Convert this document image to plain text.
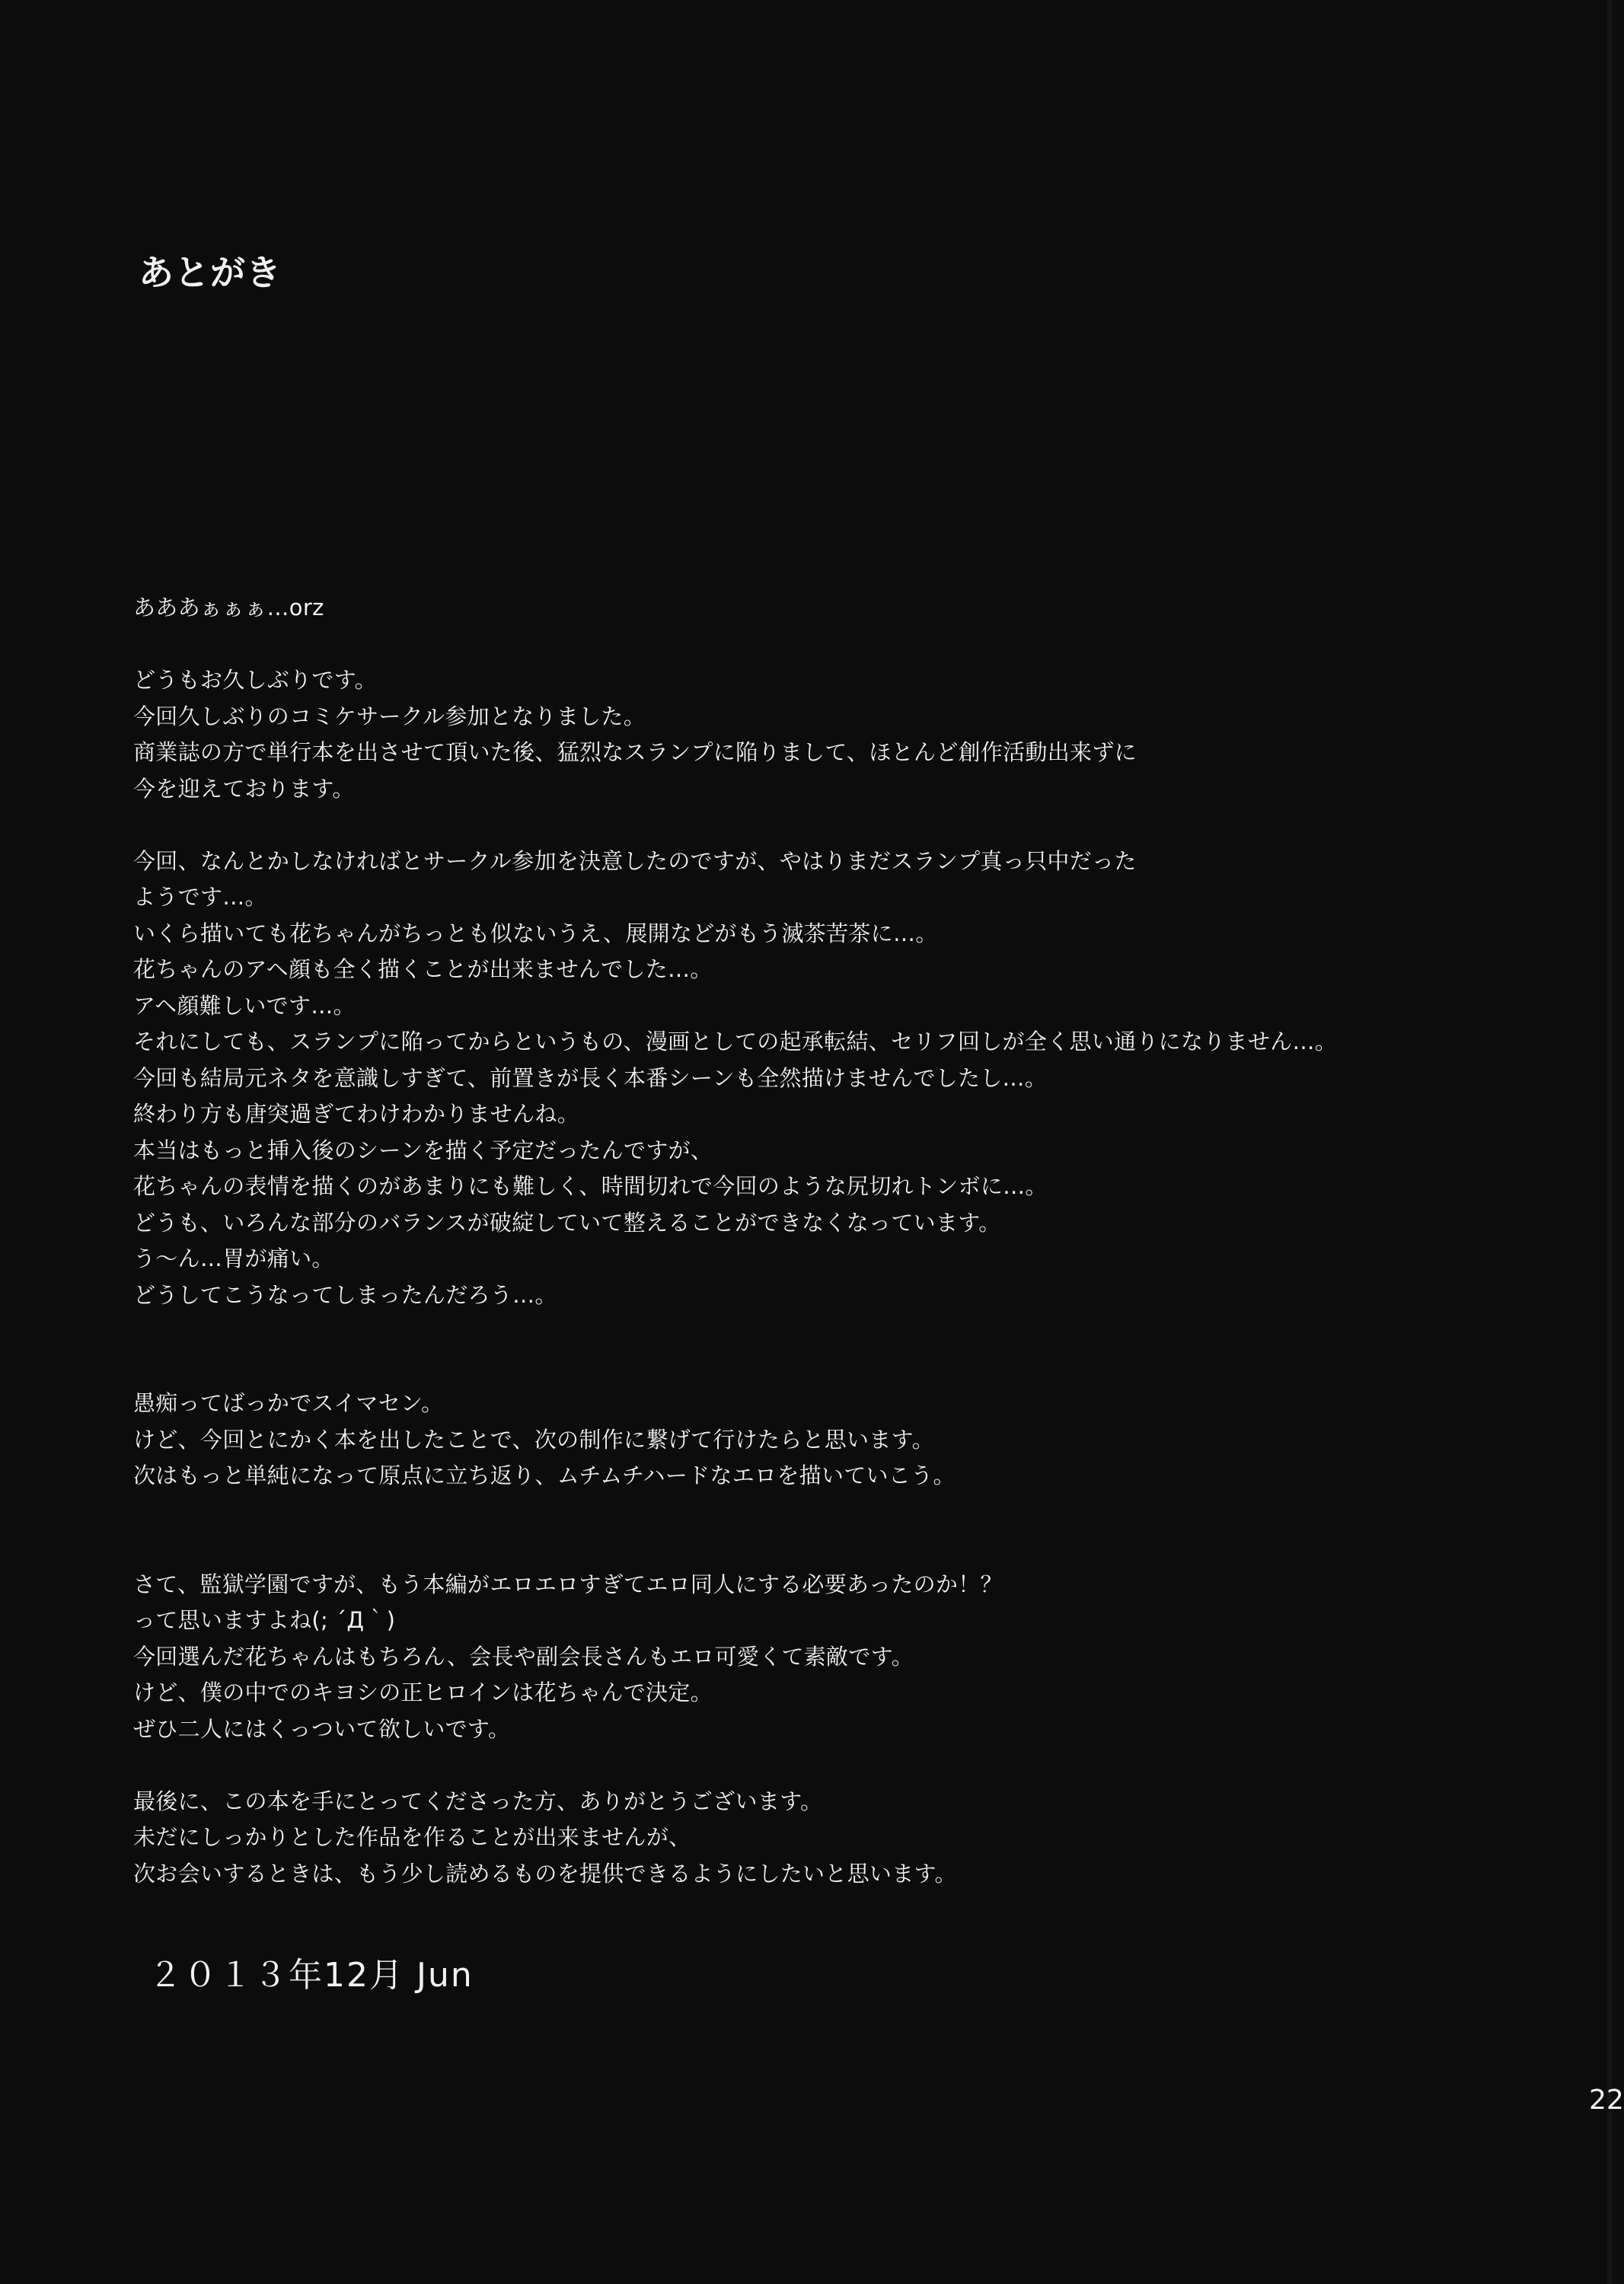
あとがき
あああぁぁぁ…orz
どうもお久しぶりです。
今回久しぶりのコミケサークル参加となりました。
商業誌の方で単行本を出させて頂いた後、猛烈なスランプに陥りまして、ほとんど創作活動出来ずに
今を迎えております。
今回、なんとかしなければとサークル参加を決意したのですが、やはりまだスランプ真っ只中だった
ようです…。
いくら描いても花ちゃんがちっとも似ないうえ、展開などがもう滅茶苦茶に…。
花ちゃんのアヘ顔も全く描くことが出来ませんでした…。
アヘ顔難しいです…。
それにしても、スランプに陥ってからというもの、漫画としての起承転結、セリフ回しが全く思い通りになりません…。
今回も結局元ネタを意識しすぎて、前置きが長く本番シーンも全然描けませんでしたし…。
終わり方も唐突過ぎてわけわかりませんね。
本当はもっと挿入後のシーンを描く予定だったんですが、
花ちゃんの表情を描くのがあまりにも難しく、時間切れで今回のような尻切れトンボに…。
どうも、いろんな部分のバランスが破綻していて整えることができなくなっています。
う～ん…胃が痛い。
どうしてこうなってしまったんだろう…。
愚痴ってばっかでスイマセン。
けど、今回とにかく本を出したことで、次の制作に繋げて行けたらと思います。
次はもっと単純になって原点に立ち返り、ムチムチハードなエロを描いていこう。
さて、監獄学園ですが、もう本編がエロエロすぎてエロ同人にする必要あったのか！？
って思いますよね(; ´Д｀)
今回選んだ花ちゃんはもちろん、会長や副会長さんもエロ可愛くて素敵です。
けど、僕の中でのキヨシの正ヒロインは花ちゃんで決定。
ぜひ二人にはくっついて欲しいです。
最後に、この本を手にとってくださった方、ありがとうございます。
未だにしっかりとした作品を作ることが出来ませんが、
次お会いするときは、もう少し読めるものを提供できるようにしたいと思います。

２０１３年12月 Jun

22
